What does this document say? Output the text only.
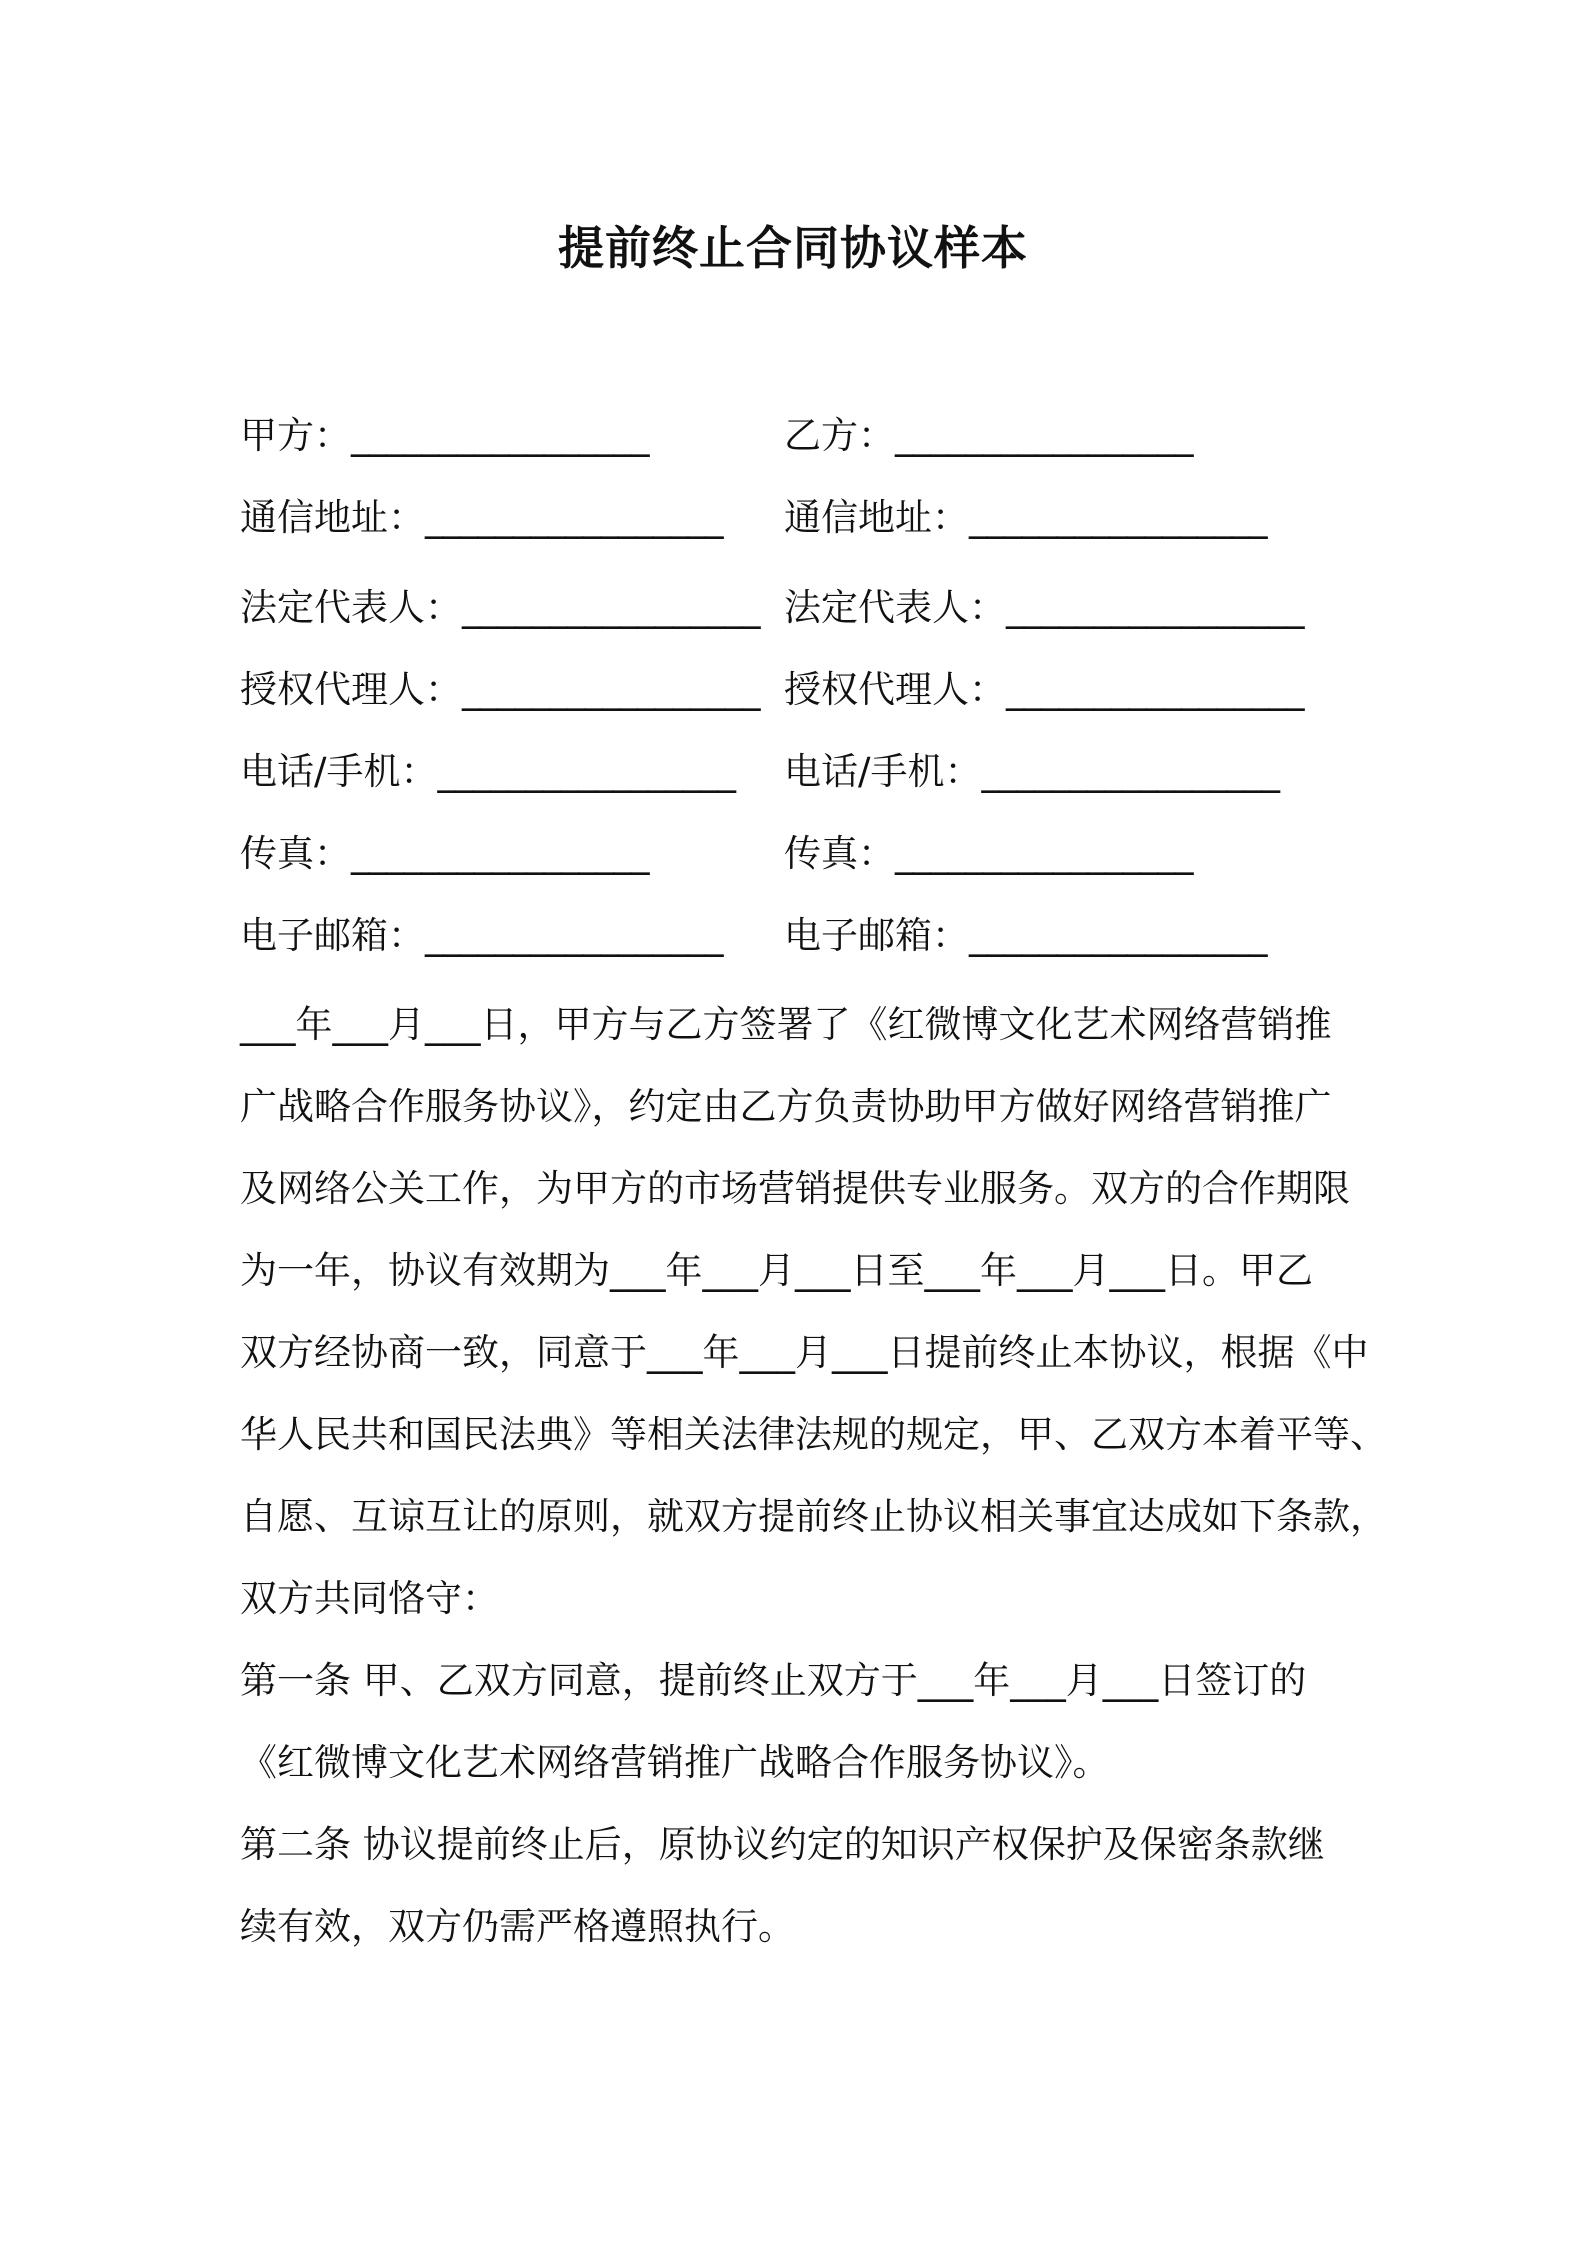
提前终止合同协议样本
甲方：_________________
通信地址：_________________
法定代表人：_________________
授权代理人：_________________
电话/手机：_________________
传真：_________________
电子邮箱：_________________
乙方：_________________
通信地址：_________________
法定代表人：_________________
授权代理人：_________________
电话/手机：_________________
传真：_________________
电子邮箱：_________________
___年___月___日，甲方与乙方签署了《红微博文化艺术网络营销推
广战略合作服务协议》，约定由乙方负责协助甲方做好网络营销推广
及网络公关工作，为甲方的市场营销提供专业服务。双方的合作期限
为一年，协议有效期为___年___月___日至___年___月___日。甲乙
双方经协商一致，同意于___年___月___日提前终止本协议，根据《中
华人民共和国民法典》等相关法律法规的规定，甲、乙双方本着平等、
自愿、互谅互让的原则，就双方提前终止协议相关事宜达成如下条款，
双方共同恪守：
第一条 甲、乙双方同意，提前终止双方于___年___月___日签订的
《红微博文化艺术网络营销推广战略合作服务协议》。
第二条 协议提前终止后，原协议约定的知识产权保护及保密条款继
续有效，双方仍需严格遵照执行。
